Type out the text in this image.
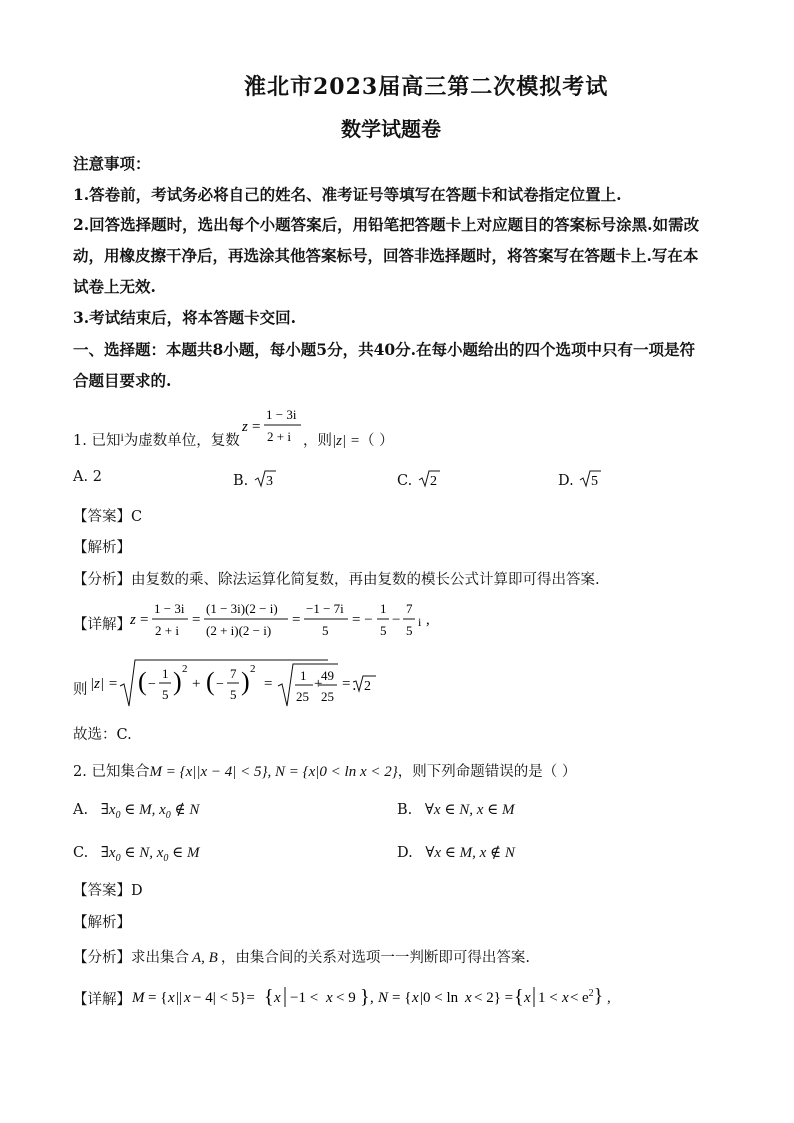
淮北市2023届高三第二次模拟考试
数学试题卷
注意事项：
1.答卷前，考试务必将自己的姓名、准考证号等填写在答题卡和试卷指定位置上.
2.回答选择题时，选出每个小题答案后，用铅笔把答题卡上对应题目的答案标号涂黑.如需改
动，用橡皮擦干净后，再选涂其他答案标号，回答非选择题时，将答案写在答题卡上.写在本
试卷上无效.
3.考试结束后，将本答题卡交回.
一、选择题：本题共8小题，每小题5分，共40分.在每小题给出的四个选项中只有一项是符
合题目要求的.
1. 已知$^i$为虚数单位，复数
z =
1 − 3i
2 + i ，则|z| =（ ）
A. 2	B. 3	C. 2	D. 5
【答案】C
【解析】
【分析】由复数的乘、除法运算化简复数，再由复数的模长公式计算即可得出答案.
【详解】 z =
1 − 3i
2 + i
=
(1 − 3i)(2 − i)
(2 + i)(2 − i)
=
−1 − 7i
5
= −
1
5
−
7
5
i ,
则 |z| = ( −
1
5 ) 2
+ ( −
7
5 ) 2
=
1
25
+
49
25
= 2
.
故选：C.
2. 已知集合M = {x||x − 4| < 5}, N = {x|0 < ln x < 2}，则下列命题错误的是（ ）
A. $\exists x_0$ ∈ M, $x_0$ ∉ N	B. ∀x ∈ N, x ∈ M
C. $\exists x_0$ ∈ N, $x_0$ ∈ M	D. ∀x ∈ M, x ∉ N
【答案】D
【解析】
【分析】求出集合 A, B ，由集合间的关系对选项一一判断即可得出答案.
【详解】 M = { x || x − 4| < 5}= { x −1 < x < 9 } , N = { x |0 < ln x < 2} = { x $1 < x < e^2$} ,
